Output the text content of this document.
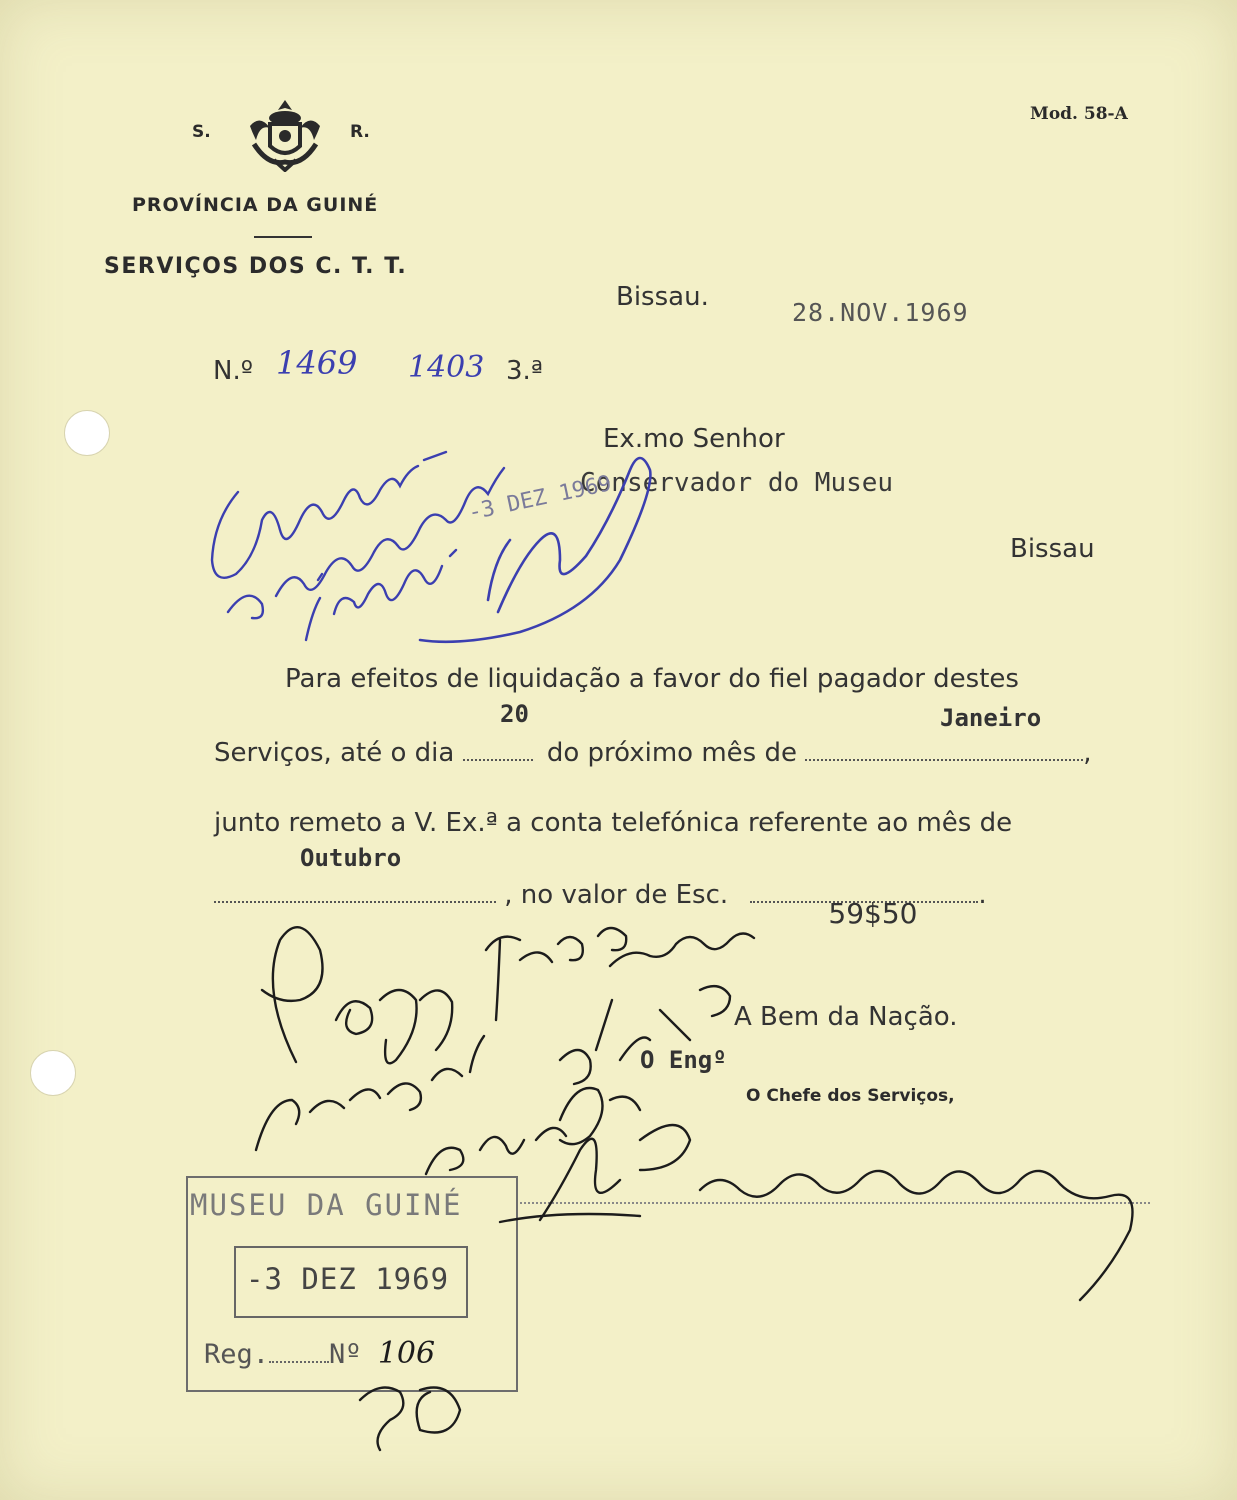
S.	R.
PROVÍNCIA DA GUINÉ
SERVIÇOS DOS C. T. T.
Mod. 58-A
Bissau.
28.NOV.1969
N.º 1469 1403 3.ª
Ex.mo Senhor
Conservador do Museu
Bissau
Para efeitos de liquidação a favor do fiel pagador destes
20	Janeiro
Serviços, até o dia	do próximo mês de	,
junto remeto a V. Ex.ª a conta telefónica referente ao mês de
Outubro
, no valor de Esc.
59$50
.
A Bem da Nação.
O Engº
O Chefe dos Serviços,
MUSEU DA GUINÉ
-3 DEZ 1969
Reg. Nº 106
-3 DEZ 1969
